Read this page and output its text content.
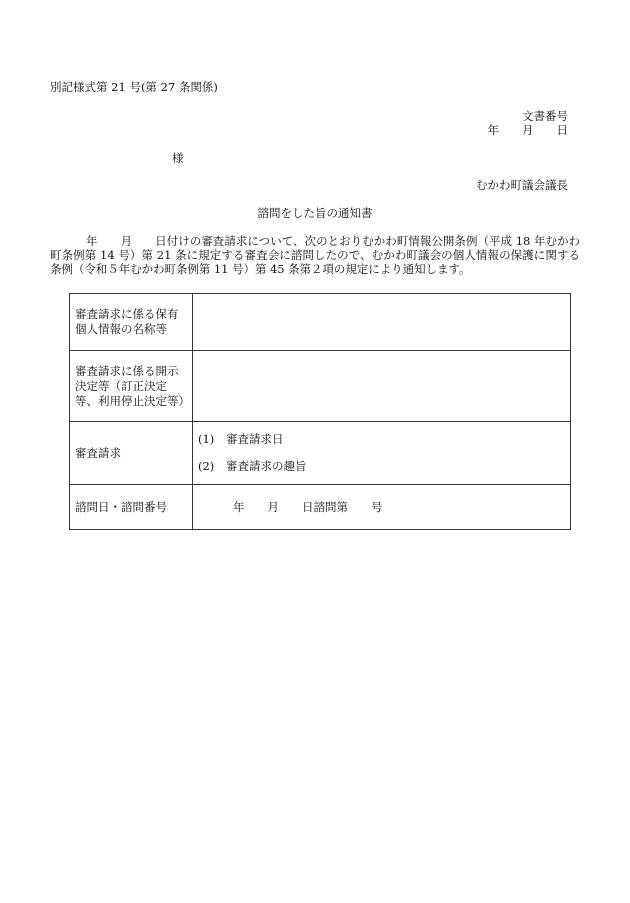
別記様式第 21 号(第 27 条関係)
文書番号
年　　月　　日
様
むかわ町議会議長
諮問をした旨の通知書
年　　月　　日付けの審査請求について、次のとおりむかわ町情報公開条例（平成 18 年むかわ町条例第 14 号）第 21 条に規定する審査会に諮問したので、むかわ町議会の個人情報の保護に関する条例（令和５年むかわ町条例第 11 号）第 45 条第２項の規定により通知します。
審査請求に係る保有個人情報の名称等	
審査請求に係る開示決定等（訂正決定等、利用停止決定等）	
審査請求	(1) 審査請求日
(2) 審査請求の趣旨

諮問日・諮問番号	年　　月　　日諮問第　　号
